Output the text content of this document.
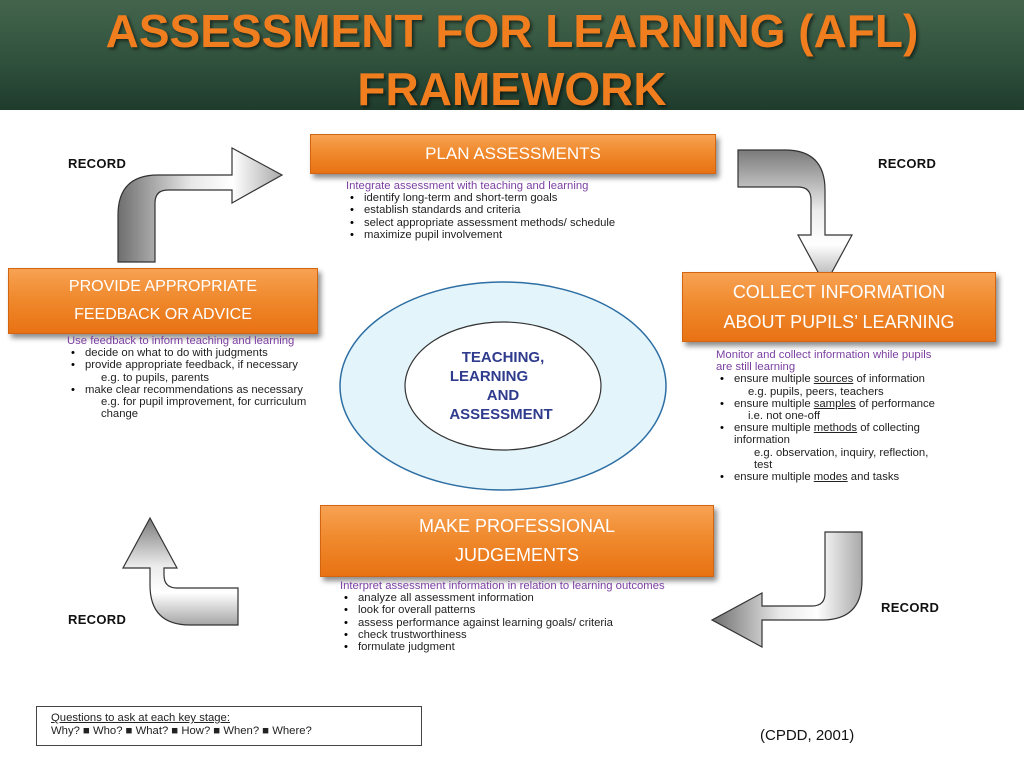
ASSESSMENT FOR LEARNING (AFL)
FRAMEWORK
TEACHING,
LEARNING
AND
ASSESSMENT
RECORD	RECORD
RECORD
RECORD
PLAN ASSESSMENTS
Integrate assessment with teaching and learning
• identify long-term and short-term goals
• establish standards and criteria
• select appropriate assessment methods/ schedule
• maximize pupil involvement
COLLECT INFORMATION
ABOUT PUPILS’ LEARNING
Monitor and collect information while pupils are still learning
• ensure multiple sources of information
e.g. pupils, peers, teachers
• ensure multiple samples of performance
i.e. not one-off
• ensure multiple methods of collecting information
e.g. observation, inquiry, reflection, test
• ensure multiple modes and tasks
MAKE PROFESSIONAL
JUDGEMENTS
Interpret assessment information in relation to learning outcomes
• analyze all assessment information
• look for overall patterns
• assess performance against learning goals/ criteria
• check trustworthiness
• formulate judgment
PROVIDE APPROPRIATE
FEEDBACK OR ADVICE
Use feedback to inform teaching and learning
• decide on what to do with judgments
• provide appropriate feedback, if necessary
e.g. to pupils, parents
• make clear recommendations as necessary
e.g. for pupil improvement, for curriculum change
Questions to ask at each key stage:
Why? ■ Who? ■ What? ■ How? ■ When? ■ Where?	(CPDD, 2001)
